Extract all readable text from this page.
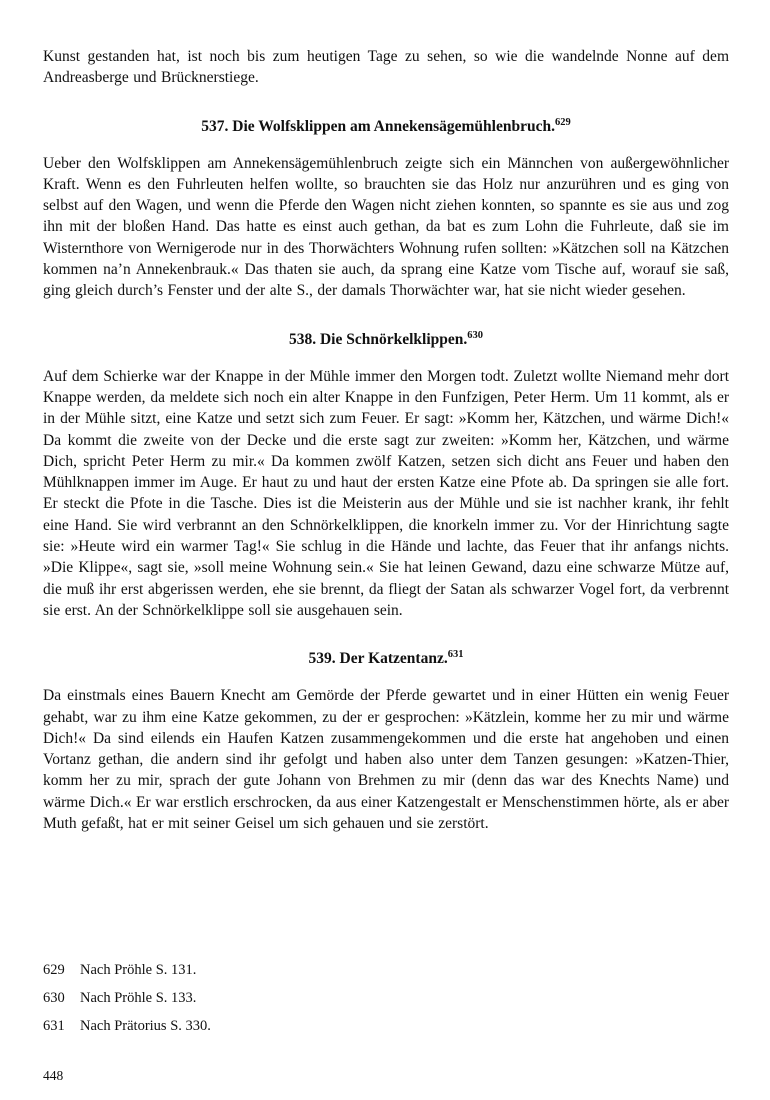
Kunst gestanden hat, ist noch bis zum heutigen Tage zu sehen, so wie die wandelnde Nonne auf dem Andreasberge und Brücknerstiege.

537. Die Wolfsklippen am Annekensägemühlenbruch.$^{629}$

Ueber den Wolfsklippen am Annekensägemühlenbruch zeigte sich ein Männchen von außergewöhnlicher Kraft. Wenn es den Fuhrleuten helfen wollte, so brauchten sie das Holz nur anzurühren und es ging von selbst auf den Wagen, und wenn die Pferde den Wagen nicht ziehen konnten, so spannte es sie aus und zog ihn mit der bloßen Hand. Das hatte es einst auch gethan, da bat es zum Lohn die Fuhrleute, daß sie im Wisternthore von Wernigerode nur in des Thorwächters Wohnung rufen sollten: »Kätzchen soll na Kätzchen kommen na’n Annekenbrauk.« Das thaten sie auch, da sprang eine Katze vom Tische auf, worauf sie saß, ging gleich durch’s Fenster und der alte S., der damals Thorwächter war, hat sie nicht wieder gesehen.

538. Die Schnörkelklippen.$^{630}$

Auf dem Schierke war der Knappe in der Mühle immer den Morgen todt. Zuletzt wollte Niemand mehr dort Knappe werden, da meldete sich noch ein alter Knappe in den Funfzigen, Peter Herm. Um 11 kommt, als er in der Mühle sitzt, eine Katze und setzt sich zum Feuer. Er sagt: »Komm her, Kätzchen, und wärme Dich!« Da kommt die zweite von der Decke und die erste sagt zur zweiten: »Komm her, Kätzchen, und wärme Dich, spricht Peter Herm zu mir.« Da kommen zwölf Katzen, setzen sich dicht ans Feuer und haben den Mühlknappen immer im Auge. Er haut zu und haut der ersten Katze eine Pfote ab. Da springen sie alle fort. Er steckt die Pfote in die Tasche. Dies ist die Meisterin aus der Mühle und sie ist nachher krank, ihr fehlt eine Hand. Sie wird verbrannt an den Schnörkelklippen, die knorkeln immer zu. Vor der Hinrichtung sagte sie: »Heute wird ein warmer Tag!« Sie schlug in die Hände und lachte, das Feuer that ihr anfangs nichts. »Die Klippe«, sagt sie, »soll meine Wohnung sein.« Sie hat leinen Gewand, dazu eine schwarze Mütze auf, die muß ihr erst abgerissen werden, ehe sie brennt, da fliegt der Satan als schwarzer Vogel fort, da verbrennt sie erst. An der Schnörkelklippe soll sie ausgehauen sein.

539. Der Katzentanz.$^{631}$

Da einstmals eines Bauern Knecht am Gemörde der Pferde gewartet und in einer Hütten ein wenig Feuer gehabt, war zu ihm eine Katze gekommen, zu der er gesprochen: »Kätzlein, komme her zu mir und wärme Dich!« Da sind eilends ein Haufen Katzen zusammengekommen und die erste hat angehoben und einen Vortanz gethan, die andern sind ihr gefolgt und haben also unter dem Tanzen gesungen: »Katzen-Thier, komm her zu mir, sprach der gute Johann von Brehmen zu mir (denn das war des Knechts Name) und wärme Dich.« Er war erstlich erschrocken, da aus einer Katzengestalt er Menschenstimmen hörte, als er aber Muth gefaßt, hat er mit seiner Geisel um sich gehauen und sie zerstört.

629 Nach Pröhle S. 131.
630 Nach Pröhle S. 133.
631 Nach Prätorius S. 330.
448
